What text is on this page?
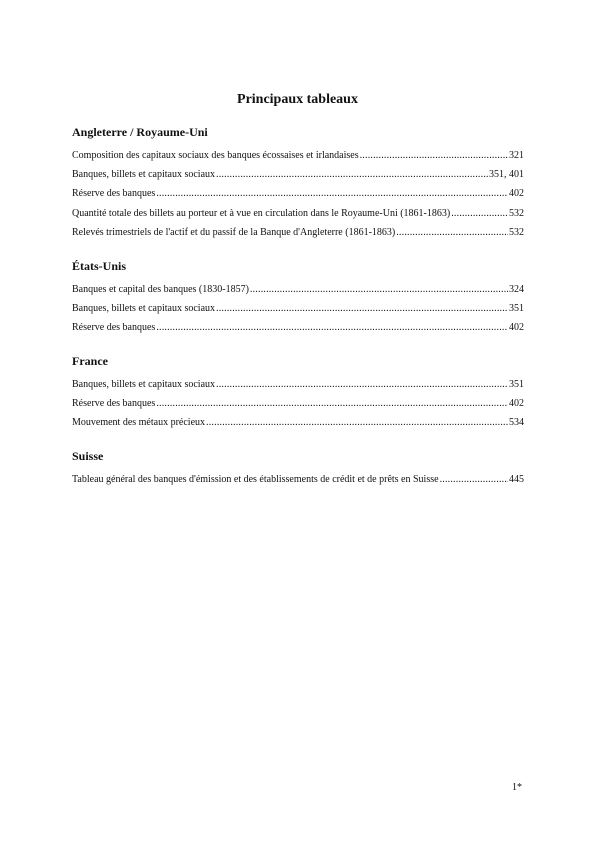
Principaux tableaux
Angleterre / Royaume-Uni
Composition des capitaux sociaux des banques écossaises et irlandaises .....	321
Banques, billets et capitaux sociaux .....	351, 401
Réserve des banques .....	402
Quantité totale des billets au porteur et à vue en circulation dans le Royaume-Uni (1861-1863) .....	532
Relevés trimestriels de l'actif et du passif de la Banque d'Angleterre (1861-1863) .....	532
États-Unis
Banques et capital des banques (1830-1857) .....	324
Banques, billets et capitaux sociaux .....	351
Réserve des banques .....	402
France
Banques, billets et capitaux sociaux .....	351
Réserve des banques .....	402
Mouvement des métaux précieux .....	534
Suisse
Tableau général des banques d'émission et des établissements de crédit et de prêts en Suisse .....	445
1*
